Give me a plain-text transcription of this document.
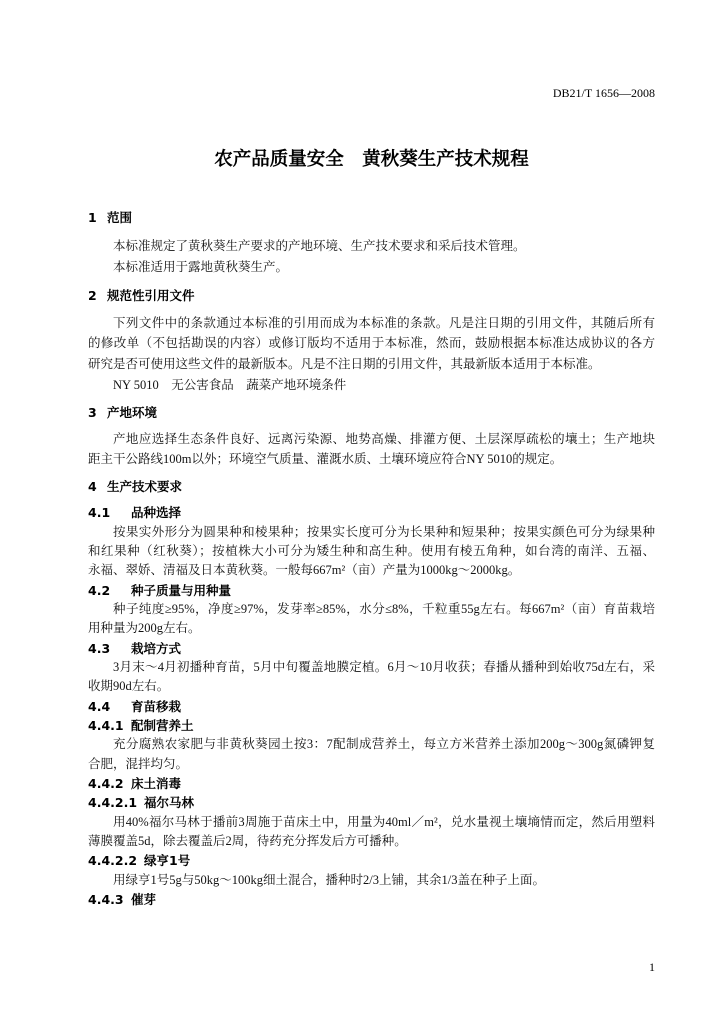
DB21/T 1656—2008
农产品质量安全　黄秋葵生产技术规程
1 范围
本标准规定了黄秋葵生产要求的产地环境、生产技术要求和采后技术管理。
本标准适用于露地黄秋葵生产。
2 规范性引用文件
下列文件中的条款通过本标准的引用而成为本标准的条款。凡是注日期的引用文件，其随后所有
的修改单（不包括勘误的内容）或修订版均不适用于本标准，然而，鼓励根据本标准达成协议的各方
研究是否可使用这些文件的最新版本。凡是不注日期的引用文件，其最新版本适用于本标准。
NY 5010　无公害食品　蔬菜产地环境条件
3 产地环境
产地应选择生态条件良好、远离污染源、地势高燥、排灌方便、土层深厚疏松的壤土；生产地块
距主干公路线100m以外；环境空气质量、灌溉水质、土壤环境应符合NY 5010的规定。
4 生产技术要求
4.1 品种选择
按果实外形分为圆果种和棱果种；按果实长度可分为长果种和短果种；按果实颜色可分为绿果种
和红果种（红秋葵）；按植株大小可分为矮生种和高生种。使用有棱五角种，如台湾的南洋、五福、
永福、翠娇、清福及日本黄秋葵。一般每667m²（亩）产量为1000kg～2000kg。
4.2 种子质量与用种量
种子纯度≥95%，净度≥97%，发芽率≥85%，水分≤8%，千粒重55g左右。每667m²（亩）育苗栽培
用种量为200g左右。
4.3 栽培方式
3月末～4月初播种育苗，5月中旬覆盖地膜定植。6月～10月收获；春播从播种到始收75d左右，采
收期90d左右。
4.4 育苗移栽
4.4.1 配制营养土
充分腐熟农家肥与非黄秋葵园土按3：7配制成营养土，每立方米营养土添加200g～300g氮磷钾复
合肥，混拌均匀。
4.4.2 床土消毒
4.4.2.1 福尔马林
用40%福尔马林于播前3周施于苗床土中，用量为40ml／m²，兑水量视土壤墒情而定，然后用塑料
薄膜覆盖5d，除去覆盖后2周，待药充分挥发后方可播种。
4.4.2.2 绿亨1号
用绿亨1号5g与50kg～100kg细土混合，播种时2/3上铺，其余1/3盖在种子上面。
4.4.3 催芽
1
